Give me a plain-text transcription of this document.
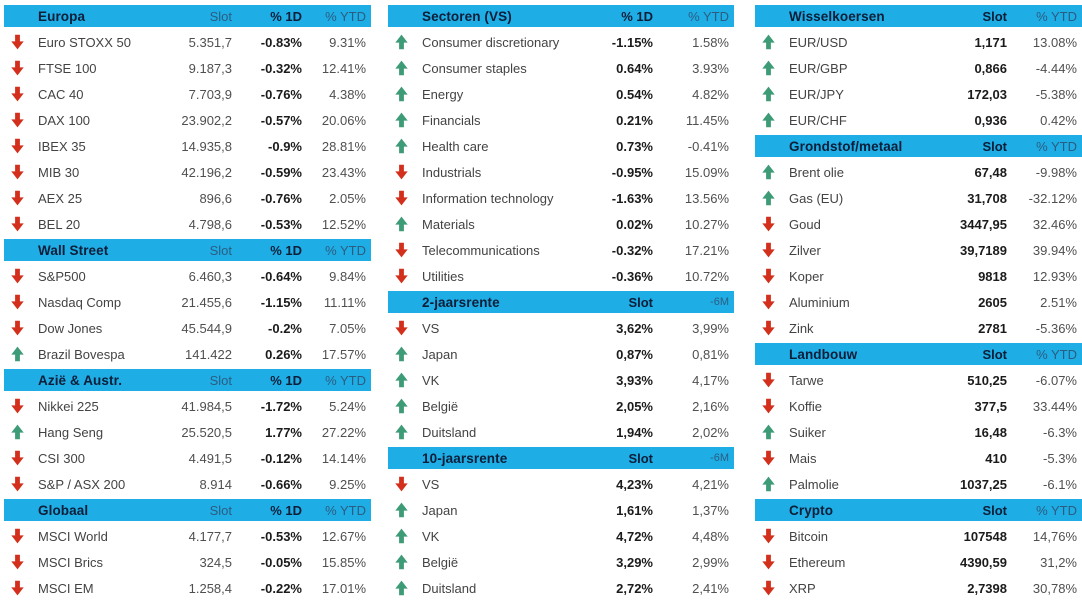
Europa	Slot	% 1D	% YTD
Euro STOXX 50	5.351,7	-0.83%	9.31%
FTSE 100	9.187,3	-0.32%	12.41%
CAC 40	7.703,9	-0.76%	4.38%
DAX 100	23.902,2	-0.57%	20.06%
IBEX 35	14.935,8	-0.9%	28.81%
MIB 30	42.196,2	-0.59%	23.43%
AEX 25	896,6	-0.76%	2.05%
BEL 20	4.798,6	-0.53%	12.52%
Wall Street	Slot	% 1D	% YTD
S&P500	6.460,3	-0.64%	9.84%
Nasdaq Comp	21.455,6	-1.15%	11.11%
Dow Jones	45.544,9	-0.2%	7.05%
Brazil Bovespa	141.422	0.26%	17.57%
Azië & Austr.	Slot	% 1D	% YTD
Nikkei 225	41.984,5	-1.72%	5.24%
Hang Seng	25.520,5	1.77%	27.22%
CSI 300	4.491,5	-0.12%	14.14%
S&P / ASX 200	8.914	-0.66%	9.25%
Globaal	Slot	% 1D	% YTD
MSCI World	4.177,7	-0.53%	12.67%
MSCI Brics	324,5	-0.05%	15.85%
MSCI EM	1.258,4	-0.22%	17.01%
Sectoren (VS)	% 1D	% YTD
Consumer discretionary	-1.15%	1.58%
Consumer staples	0.64%	3.93%
Energy	0.54%	4.82%
Financials	0.21%	11.45%
Health care	0.73%	-0.41%
Industrials	-0.95%	15.09%
Information technology	-1.63%	13.56%
Materials	0.02%	10.27%
Telecommunications	-0.32%	17.21%
Utilities	-0.36%	10.72%
2-jaarsrente	Slot	-6M
VS	3,62%	3,99%
Japan	0,87%	0,81%
VK	3,93%	4,17%
België	2,05%	2,16%
Duitsland	1,94%	2,02%
10-jaarsrente	Slot	-6M
VS	4,23%	4,21%
Japan	1,61%	1,37%
VK	4,72%	4,48%
België	3,29%	2,99%
Duitsland	2,72%	2,41%
Wisselkoersen	Slot	% YTD
EUR/USD	1,171	13.08%
EUR/GBP	0,866	-4.44%
EUR/JPY	172,03	-5.38%
EUR/CHF	0,936	0.42%
Grondstof/metaal	Slot	% YTD
Brent olie	67,48	-9.98%
Gas (EU)	31,708	-32.12%
Goud	3447,95	32.46%
Zilver	39,7189	39.94%
Koper	9818	12.93%
Aluminium	2605	2.51%
Zink	2781	-5.36%
Landbouw	Slot	% YTD
Tarwe	510,25	-6.07%
Koffie	377,5	33.44%
Suiker	16,48	-6.3%
Mais	410	-5.3%
Palmolie	1037,25	-6.1%
Crypto	Slot	% YTD
Bitcoin	107548	14,76%
Ethereum	4390,59	31,2%
XRP	2,7398	30,78%
